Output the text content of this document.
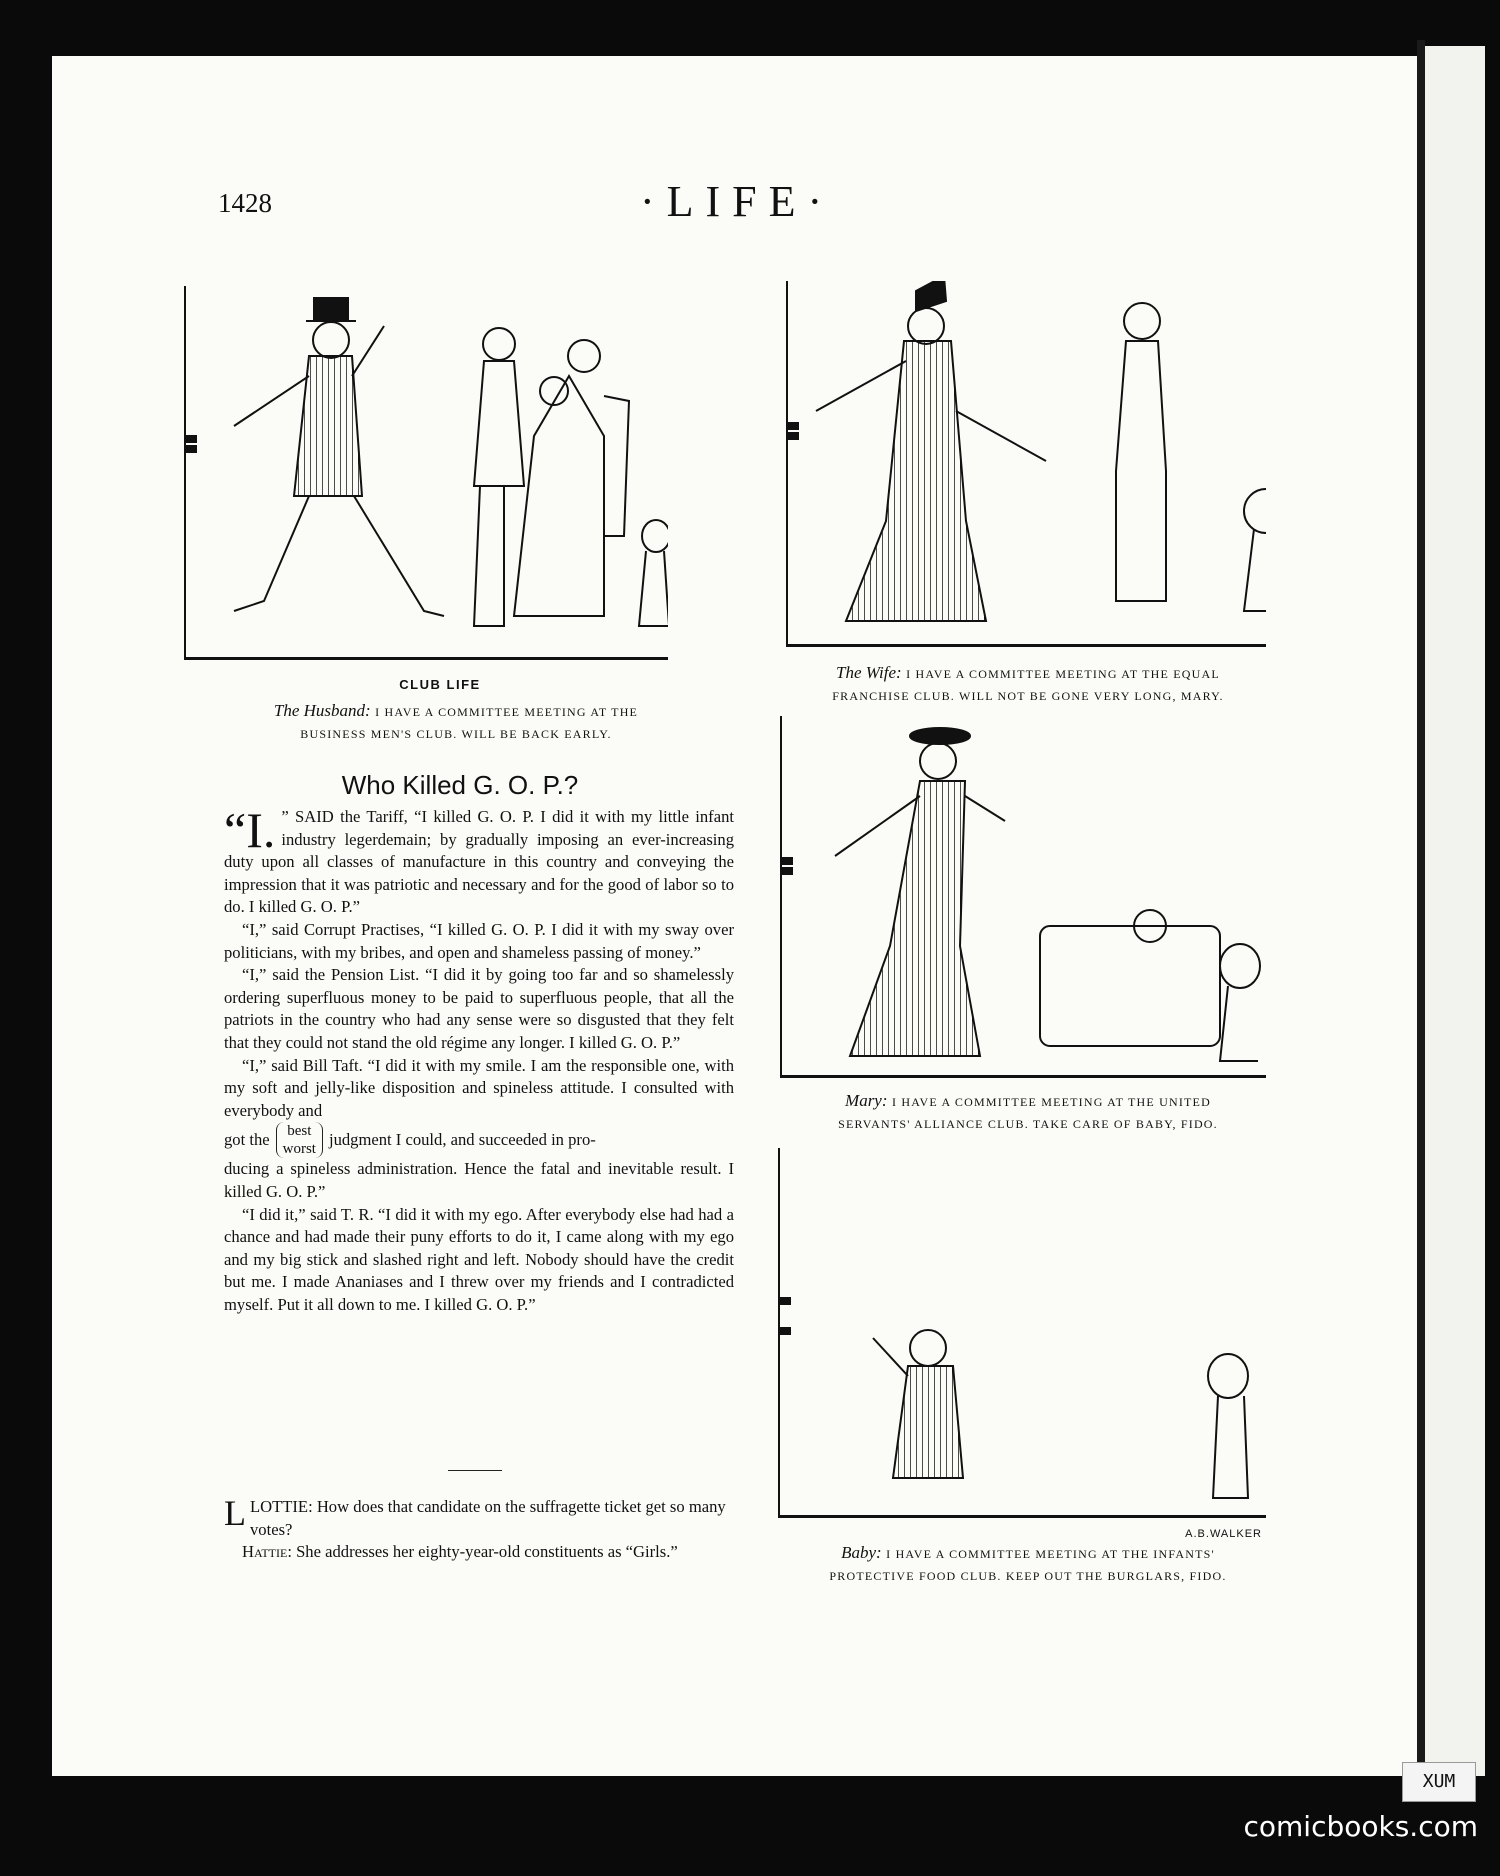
1428	·LIFE·
A.B.WALKER
CLUB LIFE
The Husband: I HAVE A COMMITTEE MEETING AT THE
BUSINESS MEN'S CLUB. WILL BE BACK EARLY.
The Wife: I HAVE A COMMITTEE MEETING AT THE EQUAL
FRANCHISE CLUB. WILL NOT BE GONE VERY LONG, MARY.
Mary: I HAVE A COMMITTEE MEETING AT THE UNITED
SERVANTS' ALLIANCE CLUB. TAKE CARE OF BABY, FIDO.
Baby: I HAVE A COMMITTEE MEETING AT THE INFANTS'
PROTECTIVE FOOD CLUB. KEEP OUT THE BURGLARS, FIDO.
Who Killed G. O. P.?

“I. ” SAID the Tariff, “I killed G. O. P. I did it with my little infant industry legerdemain; by gradually imposing an ever-increasing duty upon all classes of manufacture in this country and conveying the impression that it was patriotic and necessary and for the good of labor so to do. I killed G. O. P.”

“I,” said Corrupt Practises, “I killed G. O. P. I did it with my sway over politicians, with my bribes, and open and shameless passing of money.”

“I,” said the Pension List. “I did it by going too far and so shamelessly ordering superfluous money to be paid to superfluous people, that all the patriots in the country who had any sense were so disgusted that they felt that they could not stand the old régime any longer. I killed G. O. P.”

“I,” said Bill Taft. “I did it with my smile. I am the responsible one, with my soft and jelly-like disposition and spineless attitude. I consulted with everybody and

got the best
worst
judgment I could, and succeeded in pro-

ducing a spineless administration. Hence the fatal and inevitable result. I killed G. O. P.”

“I did it,” said T. R. “I did it with my ego. After everybody else had had a chance and had made their puny efforts to do it, I came along with my ego and my big stick and slashed right and left. Nobody should have the credit but me. I made Ananiases and I threw over my friends and I contradicted myself. Put it all down to me. I killed G. O. P.”

LLOTTIE: How does that candidate on the suffragette ticket get so many votes?

Hattie: She addresses her eighty-year-old constituents as “Girls.”

XUM
comicbooks.com
